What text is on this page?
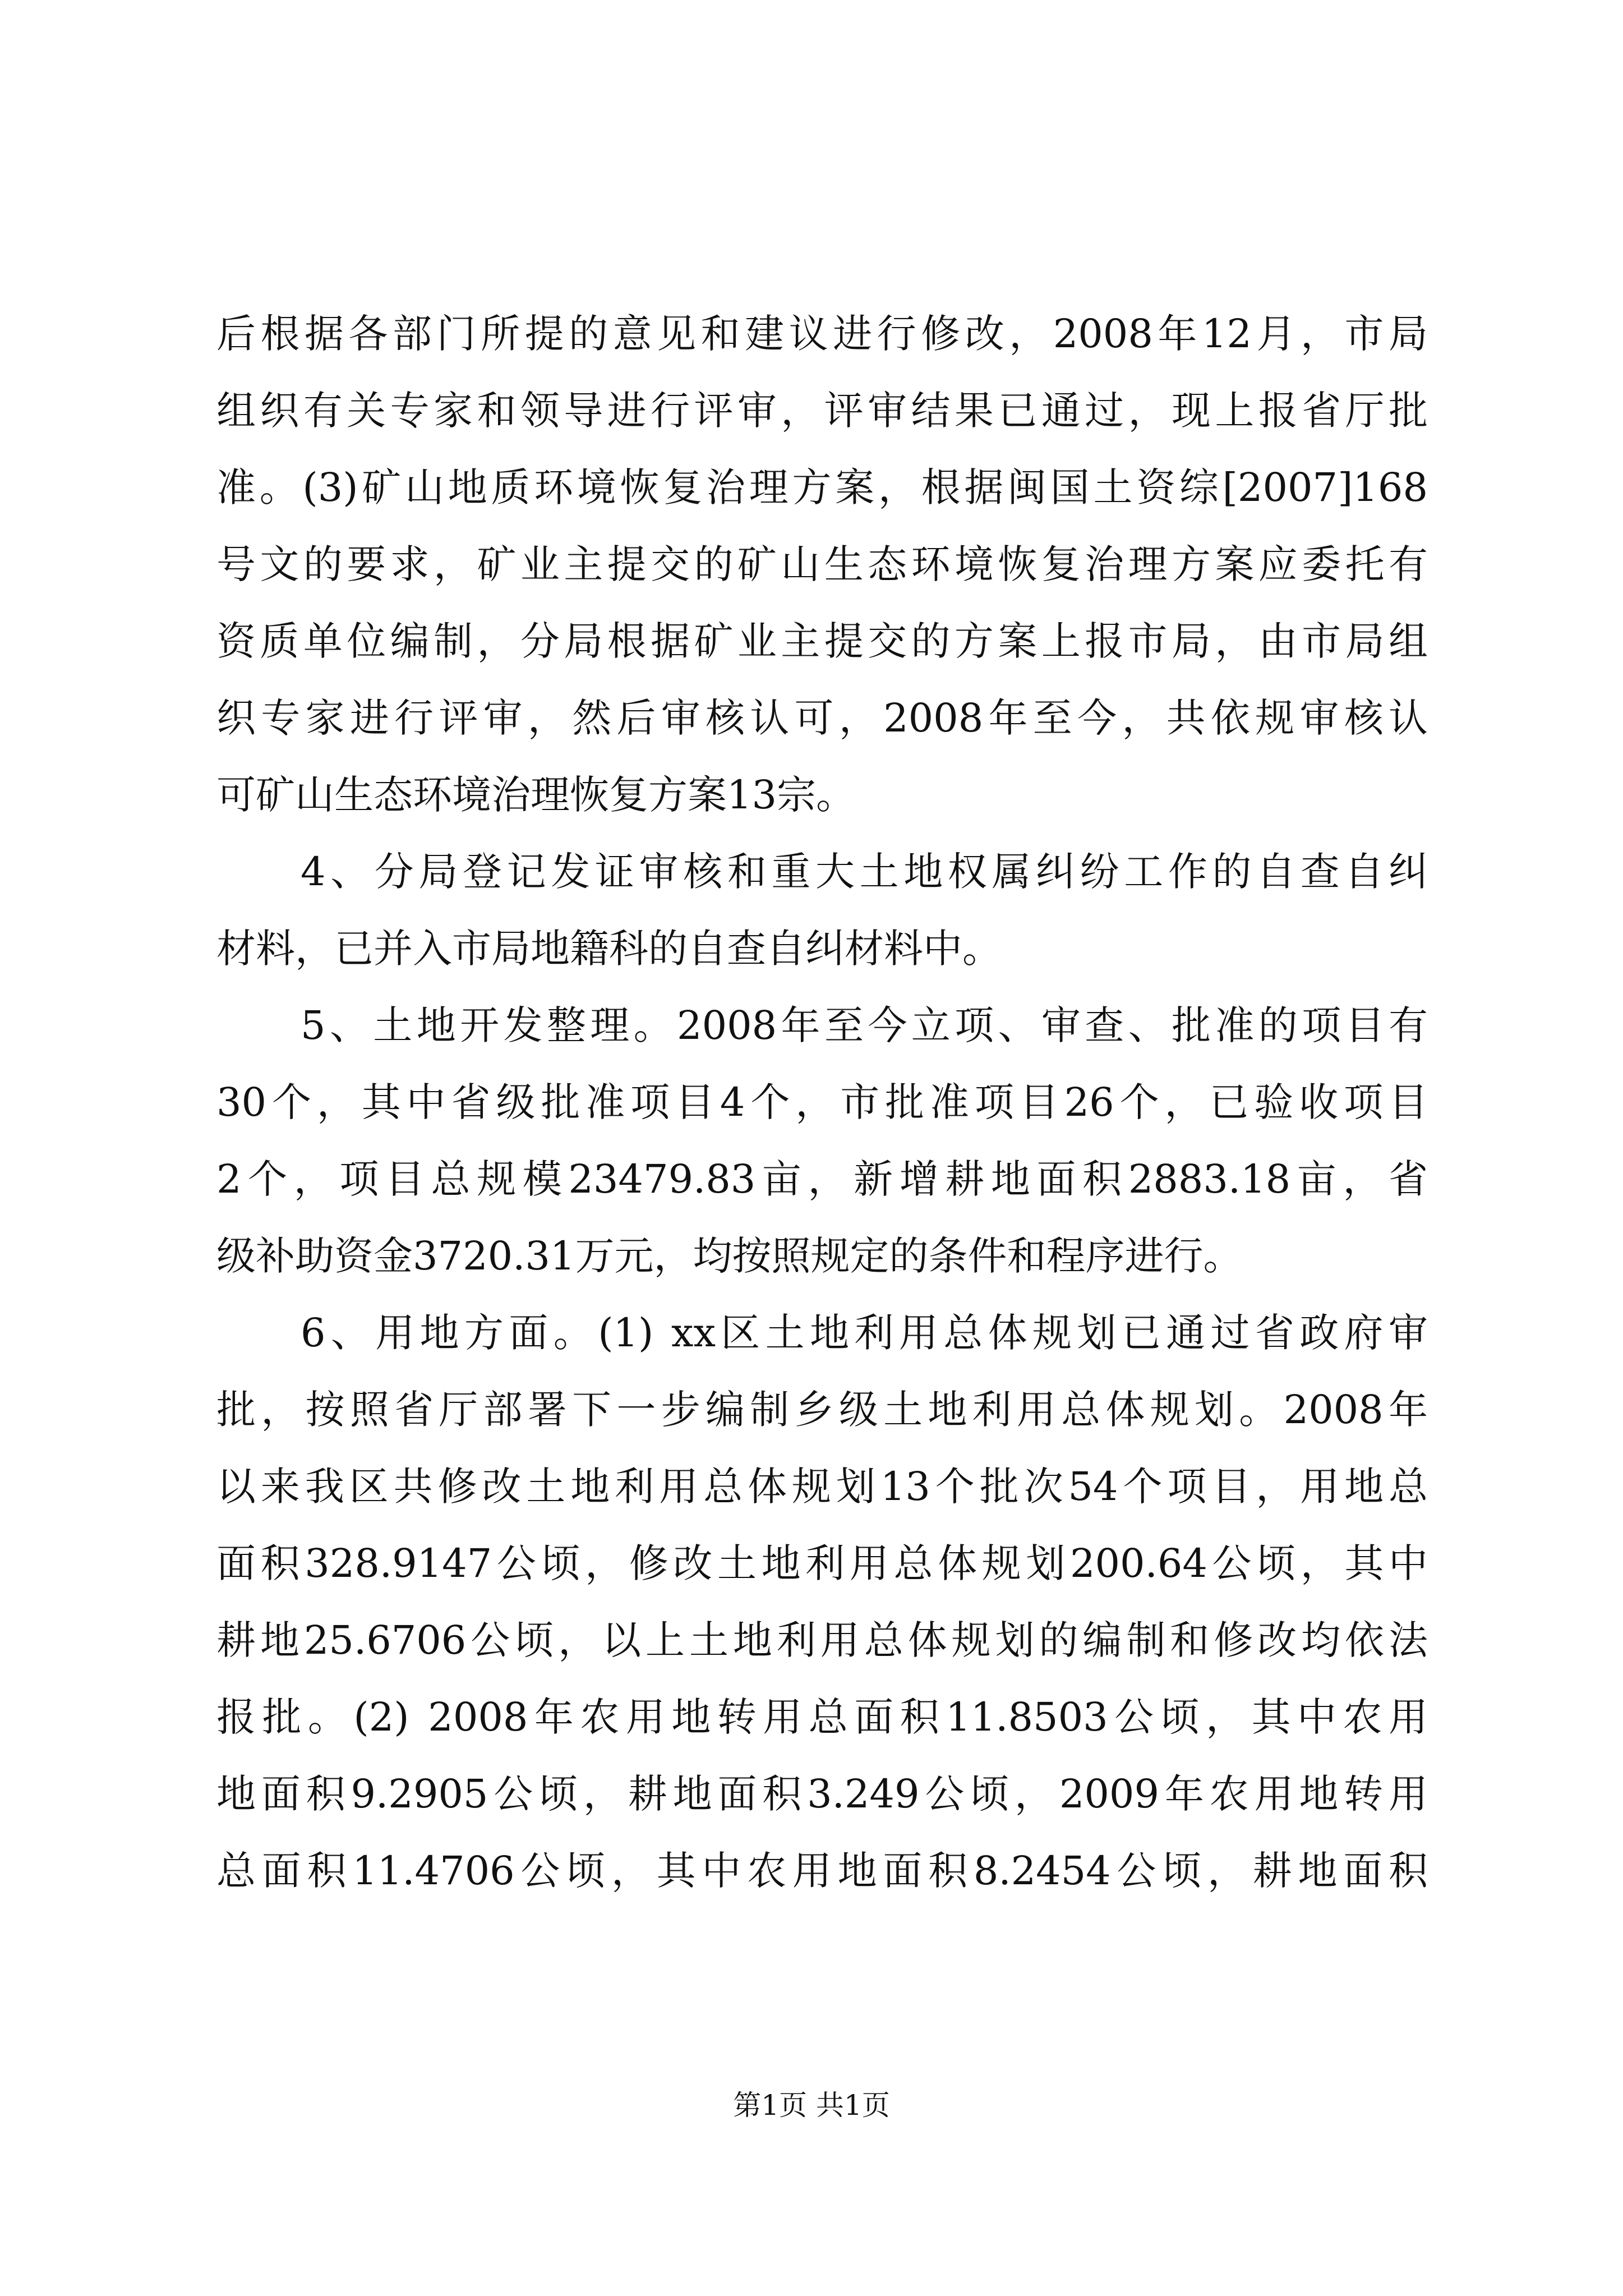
后根据各部门所提的意见和建议进行修改，2008年12月，市局
组织有关专家和领导进行评审，评审结果已通过，现上报省厅批
准。(3)矿山地质环境恢复治理方案，根据闽国土资综[2007]168
号文的要求，矿业主提交的矿山生态环境恢复治理方案应委托有
资质单位编制，分局根据矿业主提交的方案上报市局，由市局组
织专家进行评审，然后审核认可，2008年至今，共依规审核认
可矿山生态环境治理恢复方案13宗。
4、分局登记发证审核和重大土地权属纠纷工作的自查自纠
材料，已并入市局地籍科的自查自纠材料中。
5、土地开发整理。2008年至今立项、审查、批准的项目有
30个，其中省级批准项目4个，市批准项目26个，已验收项目
2个，项目总规模23479.83亩，新增耕地面积2883.18亩，省
级补助资金3720.31万元，均按照规定的条件和程序进行。
6、用地方面。(1) xx区土地利用总体规划已通过省政府审
批，按照省厅部署下一步编制乡级土地利用总体规划。2008年
以来我区共修改土地利用总体规划13个批次54个项目，用地总
面积328.9147公顷，修改土地利用总体规划200.64公顷，其中
耕地25.6706公顷，以上土地利用总体规划的编制和修改均依法
报批。(2) 2008年农用地转用总面积11.8503公顷，其中农用
地面积9.2905公顷，耕地面积3.249公顷，2009年农用地转用
总面积11.4706公顷，其中农用地面积8.2454公顷，耕地面积
第1页 共1页
